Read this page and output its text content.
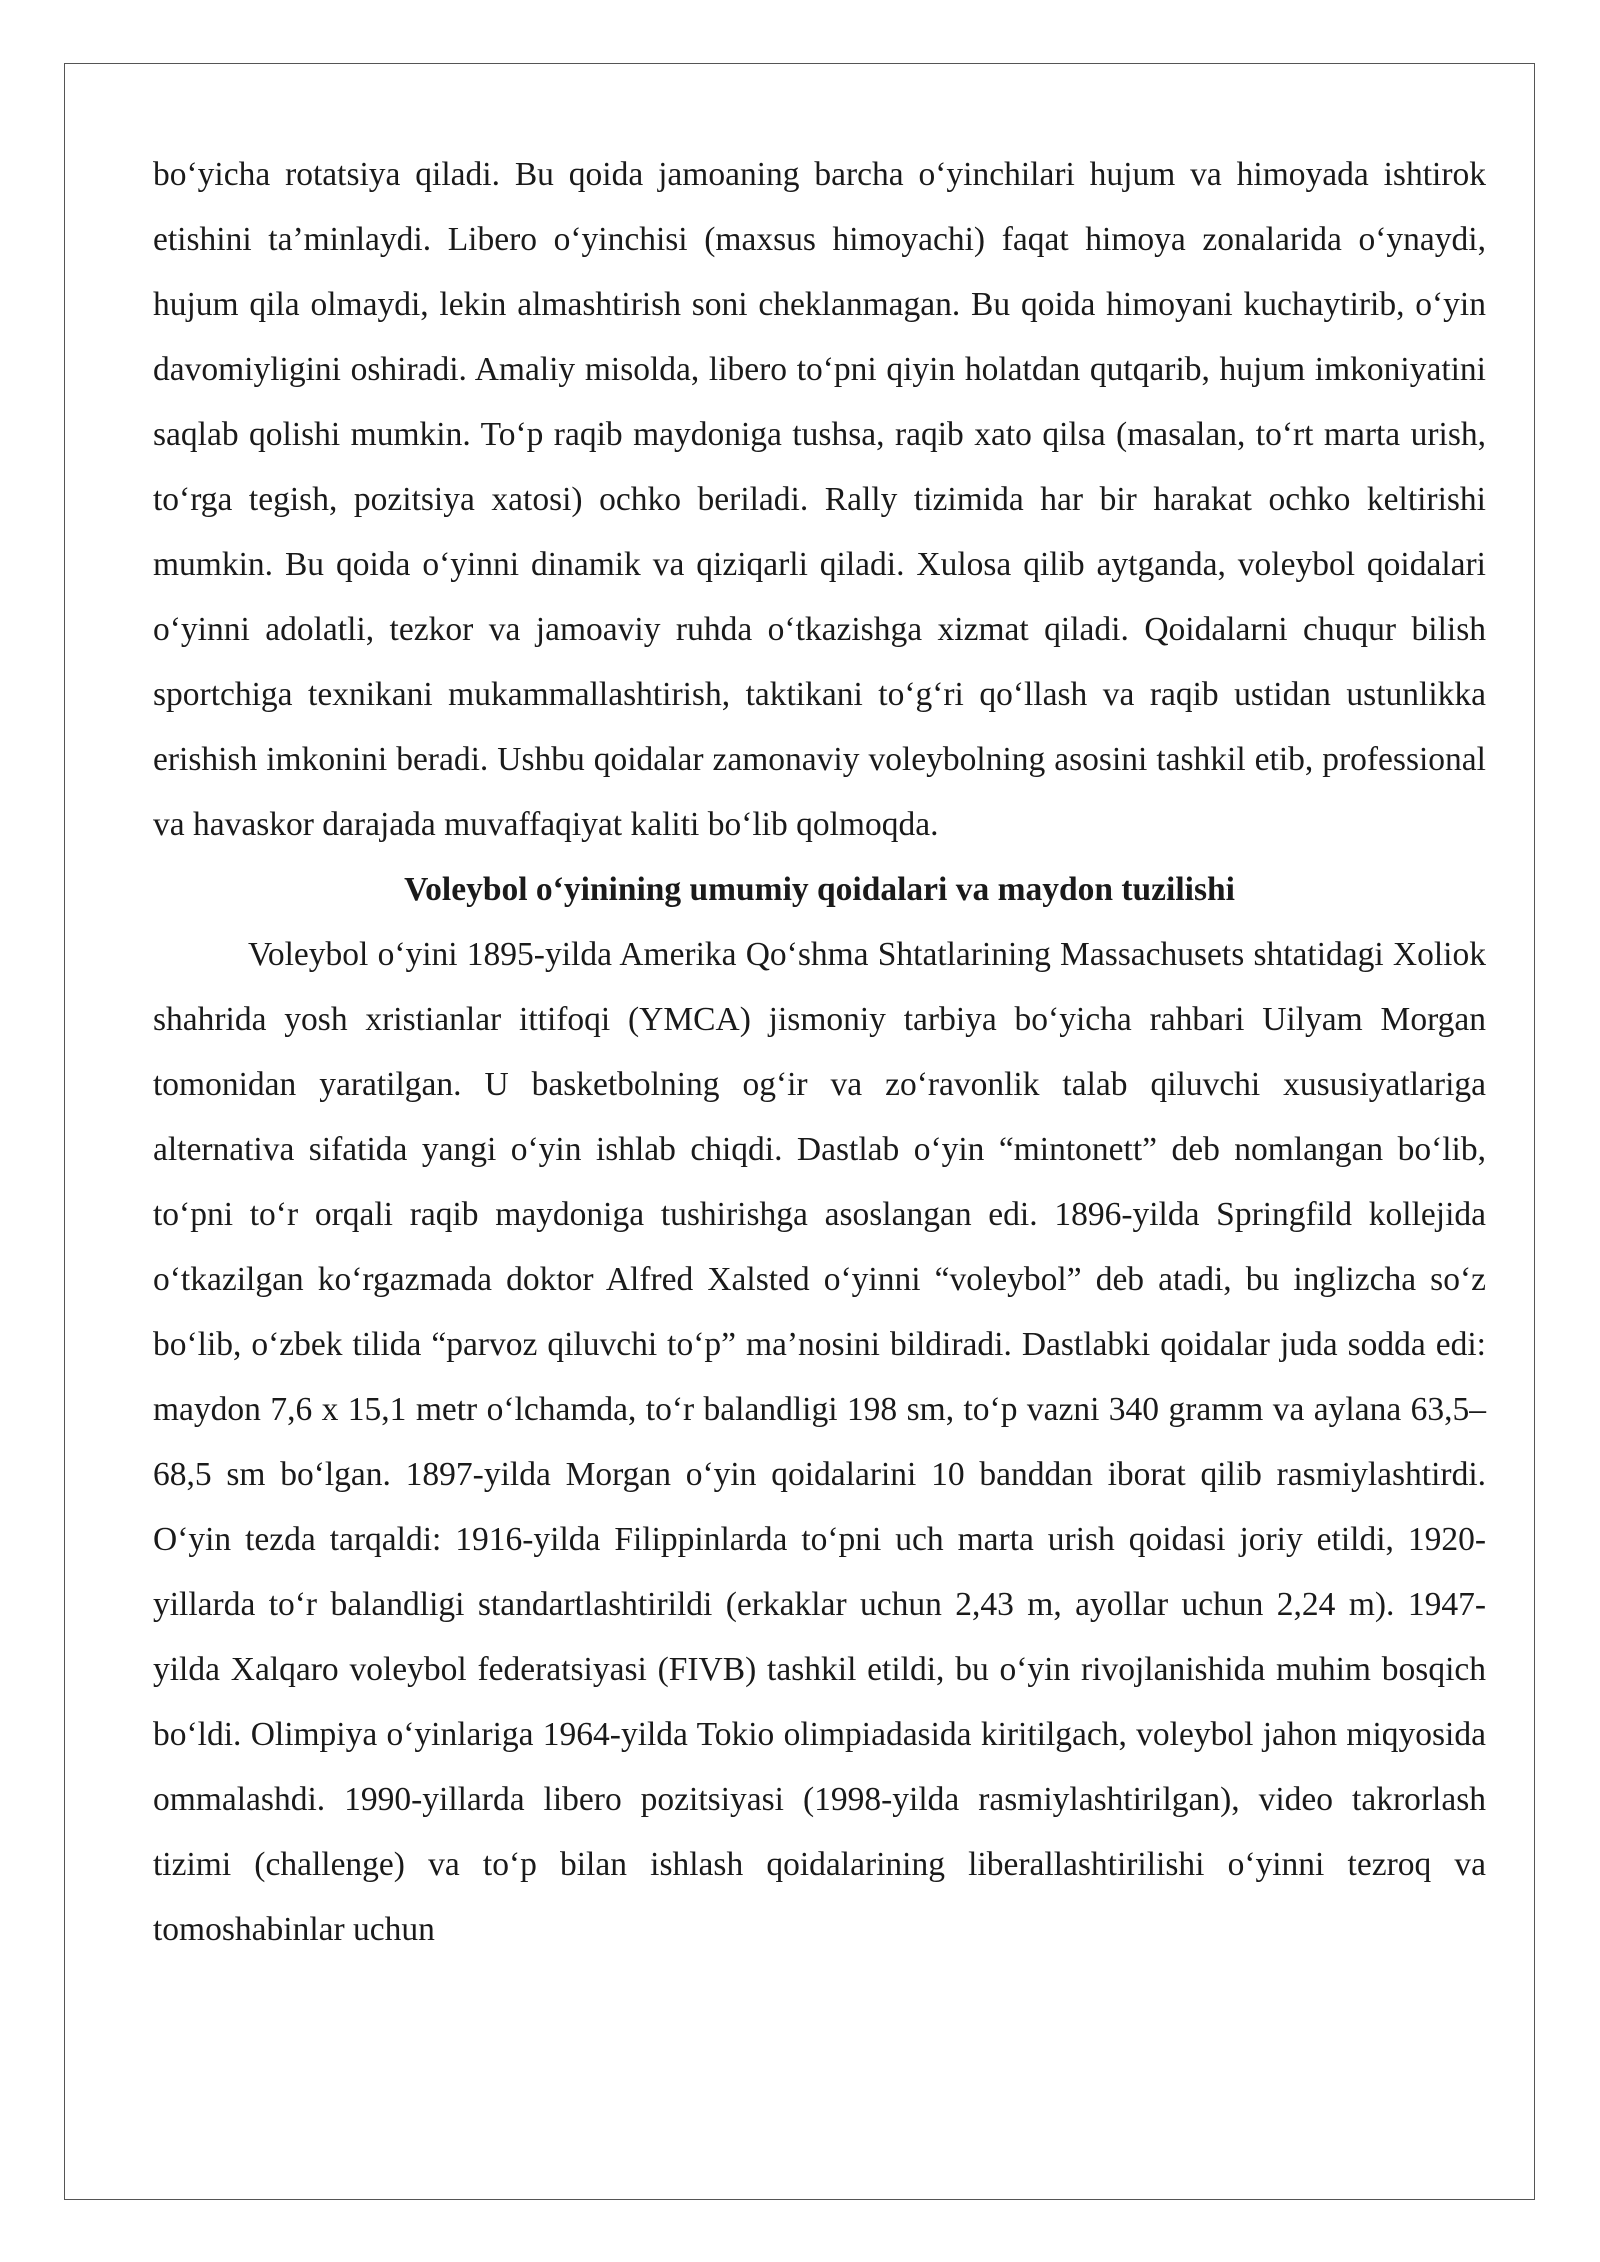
bo‘yicha rotatsiya qiladi. Bu qoida jamoaning barcha o‘yinchilari hujum va himoyada ishtirok etishini ta’minlaydi. Libero o‘yinchisi (maxsus himoyachi) faqat himoya zonalarida o‘ynaydi, hujum qila olmaydi, lekin almashtirish soni cheklanmagan. Bu qoida himoyani kuchaytirib, o‘yin davomiyligini oshiradi. Amaliy misolda, libero to‘pni qiyin holatdan qutqarib, hujum imkoniyatini saqlab qolishi mumkin. To‘p raqib maydoniga tushsa, raqib xato qilsa (masalan, to‘rt marta urish, to‘rga tegish, pozitsiya xatosi) ochko beriladi. Rally tizimida har bir harakat ochko keltirishi mumkin. Bu qoida o‘yinni dinamik va qiziqarli qiladi. Xulosa qilib aytganda, voleybol qoidalari o‘yinni adolatli, tezkor va jamoaviy ruhda o‘tkazishga xizmat qiladi. Qoidalarni chuqur bilish sportchiga texnikani mukammallashtirish, taktikani to‘g‘ri qo‘llash va raqib ustidan ustunlikka erishish imkonini beradi. Ushbu qoidalar zamonaviy voleybolning asosini tashkil etib, professional va havaskor darajada muvaffaqiyat kaliti bo‘lib qolmoqda.

Voleybol o‘yinining umumiy qoidalari va maydon tuzilishi

Voleybol o‘yini 1895-yilda Amerika Qo‘shma Shtatlarining Massachusets shtatidagi Xoliok shahrida yosh xristianlar ittifoqi (YMCA) jismoniy tarbiya bo‘yicha rahbari Uilyam Morgan tomonidan yaratilgan. U basketbolning og‘ir va zo‘ravonlik talab qiluvchi xususiyatlariga alternativa sifatida yangi o‘yin ishlab chiqdi. Dastlab o‘yin “mintonett” deb nomlangan bo‘lib, to‘pni to‘r orqali raqib maydoniga tushirishga asoslangan edi. 1896-yilda Springfild kollejida o‘tkazilgan ko‘rgazmada doktor Alfred Xalsted o‘yinni “voleybol” deb atadi, bu inglizcha so‘z bo‘lib, o‘zbek tilida “parvoz qiluvchi to‘p” ma’nosini bildiradi. Dastlabki qoidalar juda sodda edi: maydon 7,6 x 15,1 metr o‘lchamda, to‘r balandligi 198 sm, to‘p vazni 340 gramm va aylana 63,5–68,5 sm bo‘lgan. 1897-yilda Morgan o‘yin qoidalarini 10 banddan iborat qilib rasmiylashtirdi. O‘yin tezda tarqaldi: 1916-yilda Filippinlarda to‘pni uch marta urish qoidasi joriy etildi, 1920-yillarda to‘r balandligi standartlashtirildi (erkaklar uchun 2,43 m, ayollar uchun 2,24 m). 1947-yilda Xalqaro voleybol federatsiyasi (FIVB) tashkil etildi, bu o‘yin rivojlanishida muhim bosqich bo‘ldi. Olimpiya o‘yinlariga 1964-yilda Tokio olimpiadasida kiritilgach, voleybol jahon miqyosida ommalashdi. 1990-yillarda libero pozitsiyasi (1998-yilda rasmiylashtirilgan), video takrorlash tizimi (challenge) va to‘p bilan ishlash qoidalarining liberallashtirilishi o‘yinni tezroq va tomoshabinlar uchun
